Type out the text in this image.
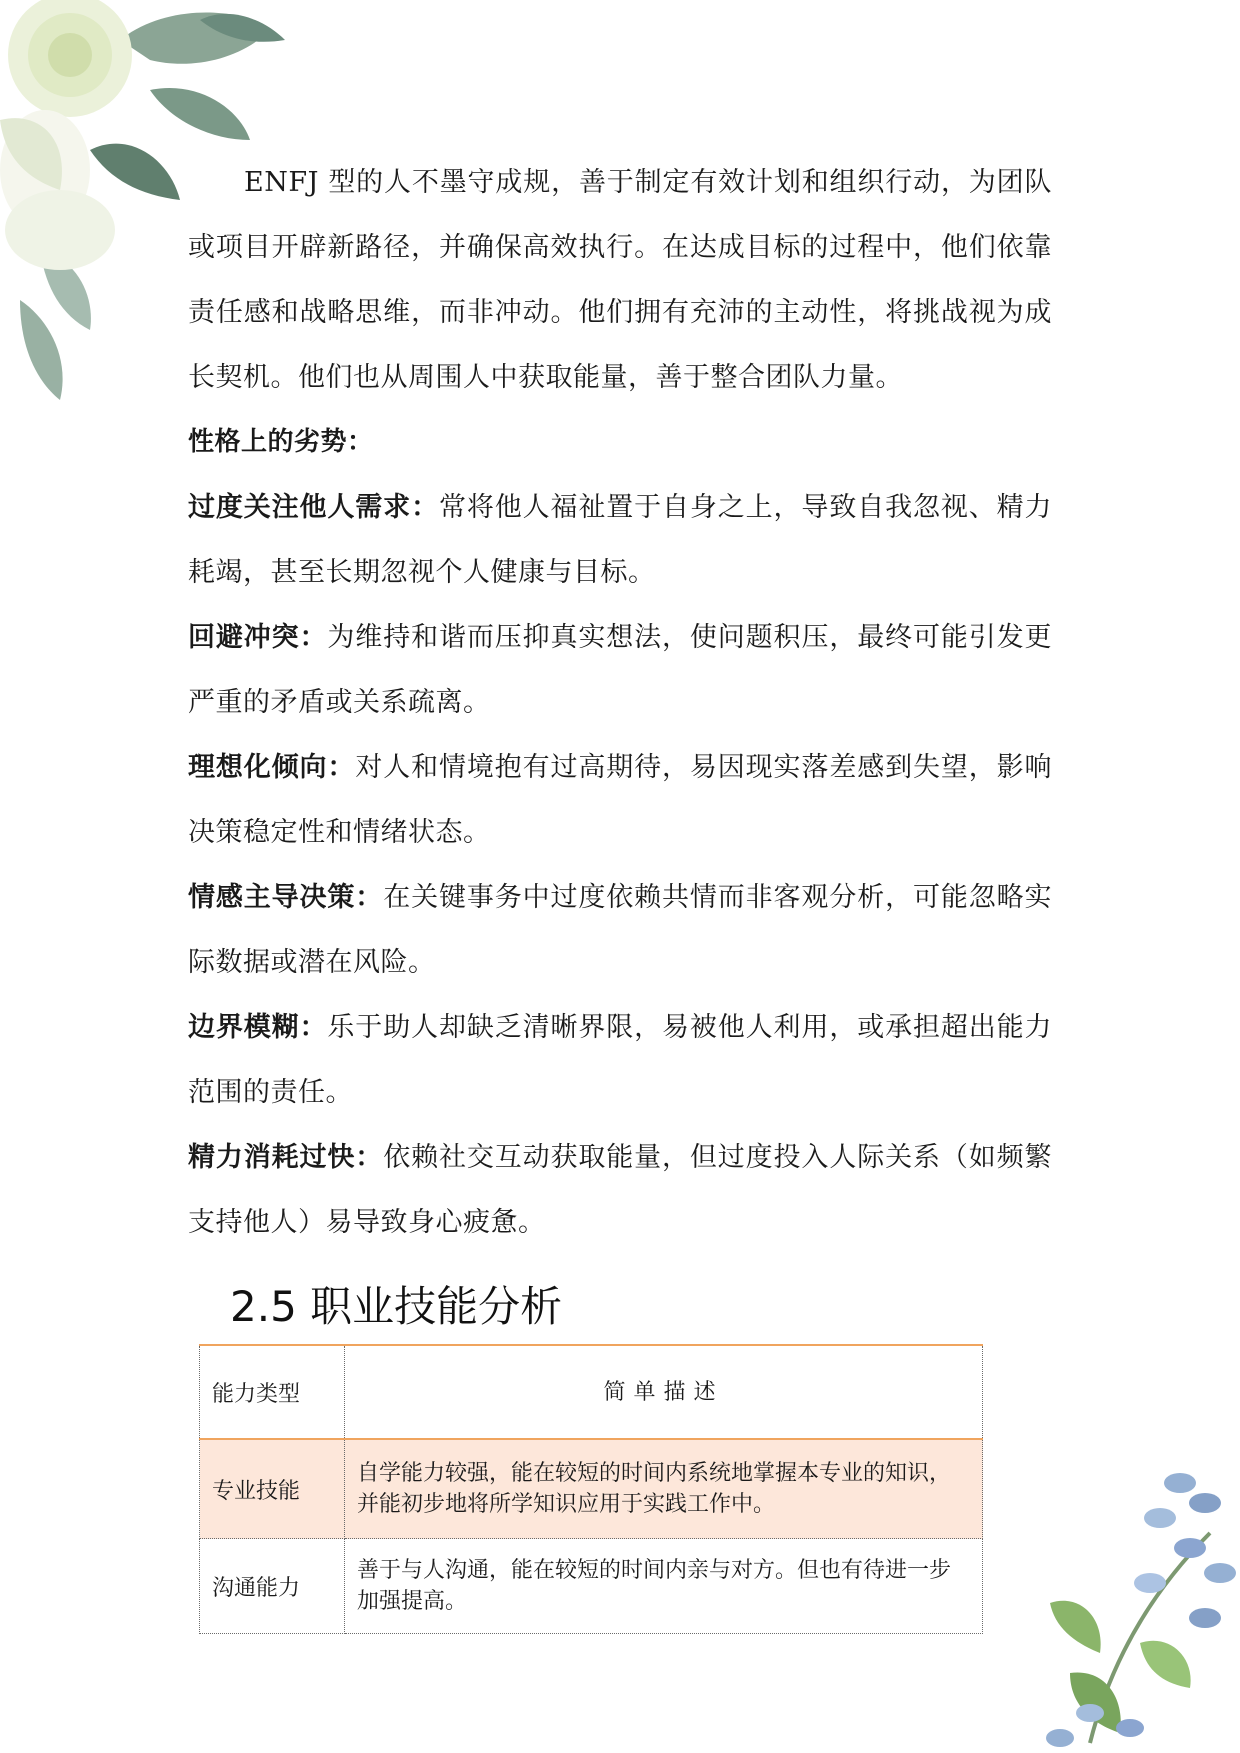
ENFJ 型的人不墨守成规，善于制定有效计划和组织行动，为团队或项目开辟新路径，并确保高效执行。在达成目标的过程中，他们依靠责任感和战略思维，而非冲动。他们拥有充沛的主动性，将挑战视为成长契机。他们也从周围人中获取能量，善于整合团队力量。

性格上的劣势：

过度关注他人需求：常将他人福祉置于自身之上，导致自我忽视、精力耗竭，甚至长期忽视个人健康与目标。

回避冲突：为维持和谐而压抑真实想法，使问题积压，最终可能引发更严重的矛盾或关系疏离。

理想化倾向：对人和情境抱有过高期待，易因现实落差感到失望，影响决策稳定性和情绪状态。

情感主导决策：在关键事务中过度依赖共情而非客观分析，可能忽略实际数据或潜在风险。

边界模糊：乐于助人却缺乏清晰界限，易被他人利用，或承担超出能力范围的责任。

精力消耗过快：依赖社交互动获取能量，但过度投入人际关系（如频繁支持他人）易导致身心疲惫。

2.5 职业技能分析
能力类型	简单描述
专业技能	自学能力较强，能在较短的时间内系统地掌握本专业的知识，并能初步地将所学知识应用于实践工作中。
沟通能力	善于与人沟通，能在较短的时间内亲与对方。但也有待进一步加强提高。
